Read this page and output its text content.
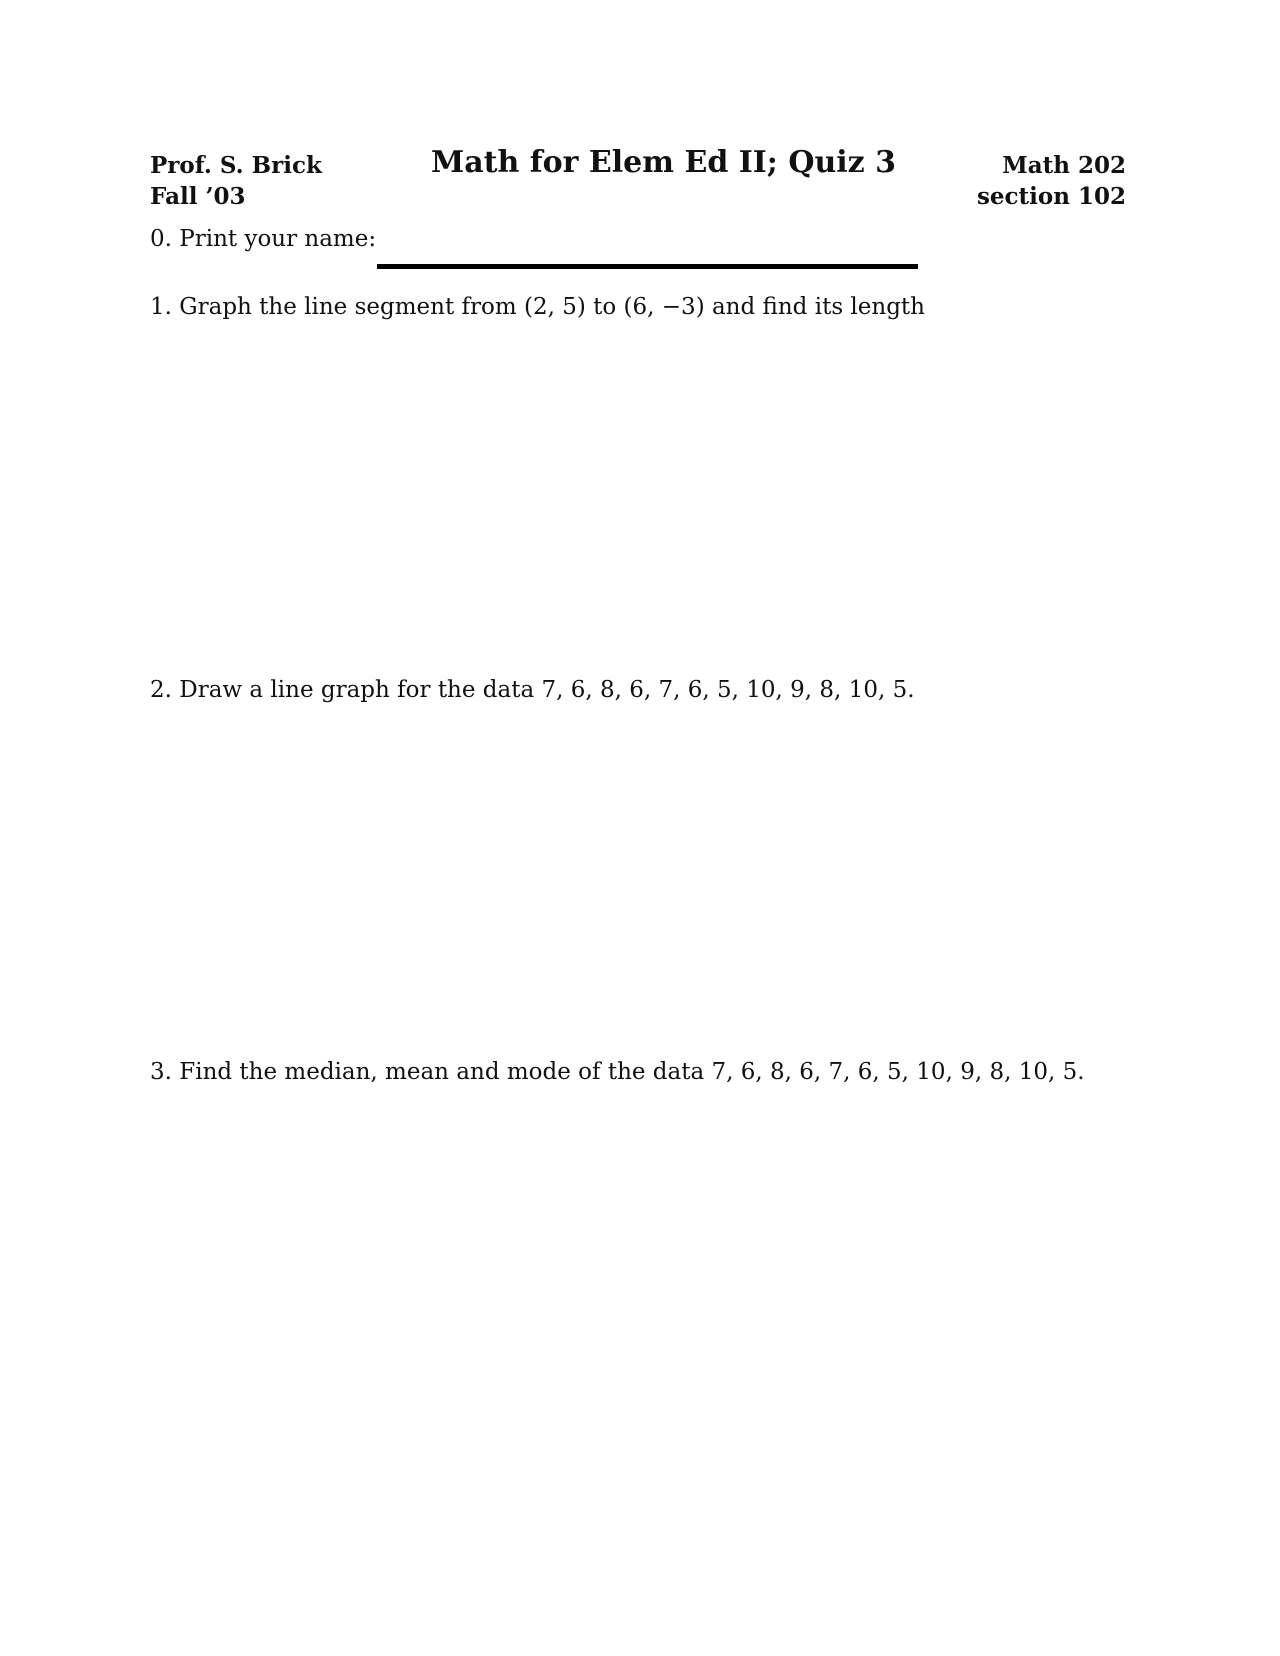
Prof. S. Brick
Fall ’03
Math for Elem Ed II; Quiz 3	Math 202
section 102
0. Print your name:
1. Graph the line segment from (2, 5) to (6, −3) and find its length
2. Draw a line graph for the data 7, 6, 8, 6, 7, 6, 5, 10, 9, 8, 10, 5.
3. Find the median, mean and mode of the data 7, 6, 8, 6, 7, 6, 5, 10, 9, 8, 10, 5.
